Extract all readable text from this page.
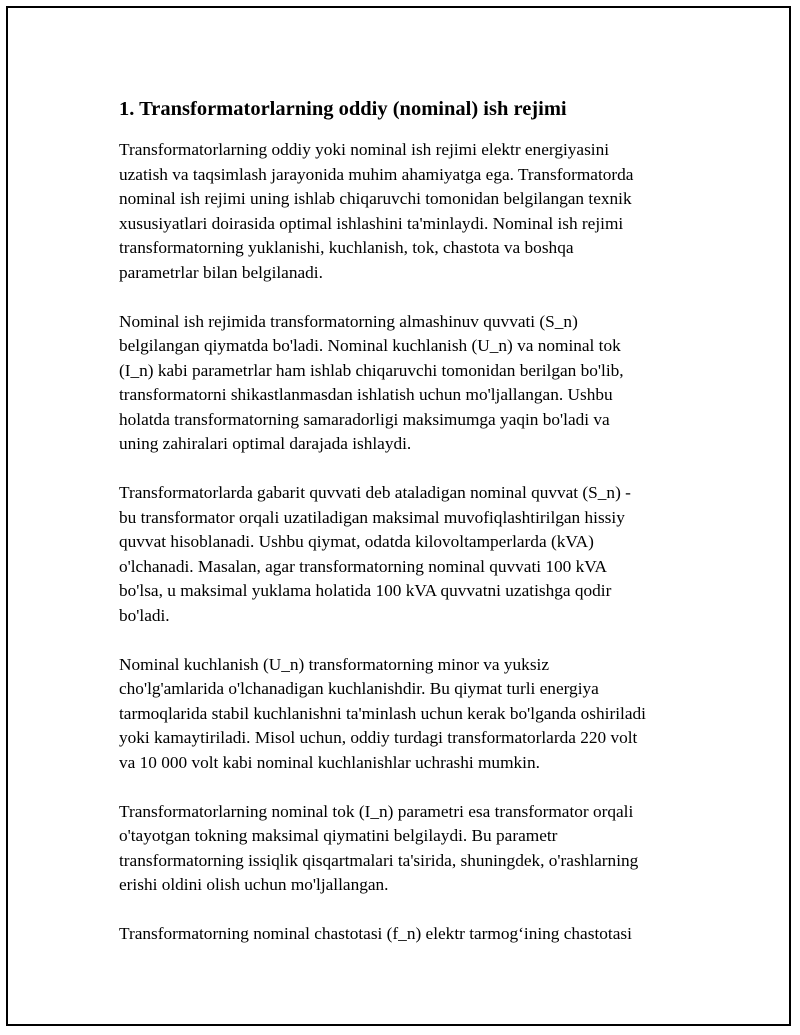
1. Transformatorlarning oddiy (nominal) ish rejimi

Transformatorlarning oddiy yoki nominal ish rejimi elektr energiyasini
uzatish va taqsimlash jarayonida muhim ahamiyatga ega. Transformatorda
nominal ish rejimi uning ishlab chiqaruvchi tomonidan belgilangan texnik
xususiyatlari doirasida optimal ishlashini ta'minlaydi. Nominal ish rejimi
transformatorning yuklanishi, kuchlanish, tok, chastota va boshqa
parametrlar bilan belgilanadi.

Nominal ish rejimida transformatorning almashinuv quvvati (S_n)
belgilangan qiymatda bo'ladi. Nominal kuchlanish (U_n) va nominal tok
(I_n) kabi parametrlar ham ishlab chiqaruvchi tomonidan berilgan bo'lib,
transformatorni shikastlanmasdan ishlatish uchun mo'ljallangan. Ushbu
holatda transformatorning samaradorligi maksimumga yaqin bo'ladi va
uning zahiralari optimal darajada ishlaydi.

Transformatorlarda gabarit quvvati deb ataladigan nominal quvvat (S_n) -
bu transformator orqali uzatiladigan maksimal muvofiqlashtirilgan hissiy
quvvat hisoblanadi. Ushbu qiymat, odatda kilovoltamperlarda (kVA)
o'lchanadi. Masalan, agar transformatorning nominal quvvati 100 kVA
bo'lsa, u maksimal yuklama holatida 100 kVA quvvatni uzatishga qodir
bo'ladi.

Nominal kuchlanish (U_n) transformatorning minor va yuksiz
cho'lg'amlarida o'lchanadigan kuchlanishdir. Bu qiymat turli energiya
tarmoqlarida stabil kuchlanishni ta'minlash uchun kerak bo'lganda oshiriladi
yoki kamaytiriladi. Misol uchun, oddiy turdagi transformatorlarda 220 volt
va 10 000 volt kabi nominal kuchlanishlar uchrashi mumkin.

Transformatorlarning nominal tok (I_n) parametri esa transformator orqali
o'tayotgan tokning maksimal qiymatini belgilaydi. Bu parametr
transformatorning issiqlik qisqartmalari ta'sirida, shuningdek, o'rashlarning
erishi oldini olish uchun mo'ljallangan.

Transformatorning nominal chastotasi (f_n) elektr tarmog‘ining chastotasi
